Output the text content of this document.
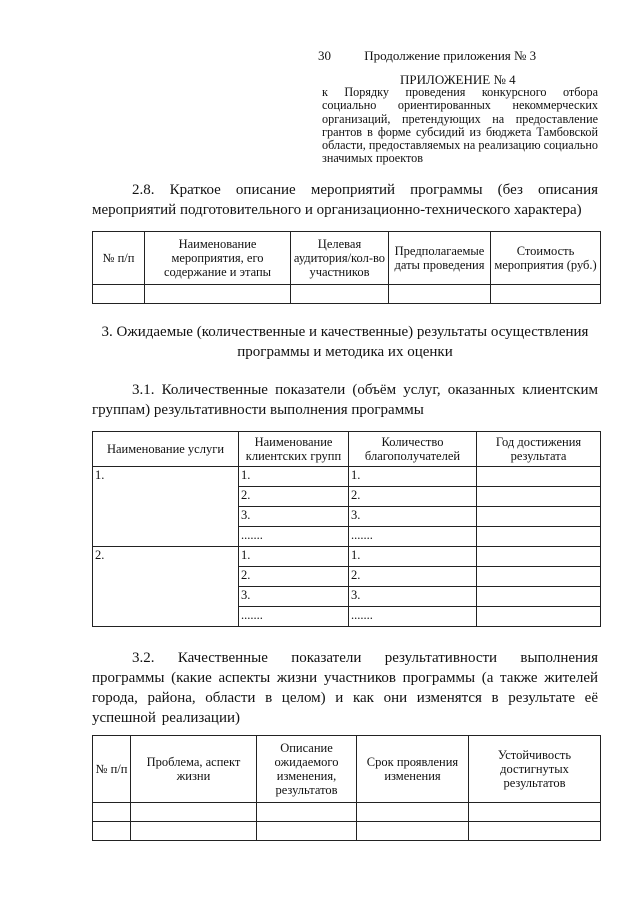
30	Продолжение приложения № 3
ПРИЛОЖЕНИЕ № 4
к Порядку проведения конкурсного отбора социально ориентированных некоммерческих организаций, претендующих на предоставление грантов в форме субсидий из бюджета Тамбовской области, предоставляемых на реализацию социально значимых проектов
2.8. Краткое описание мероприятий программы (без описания мероприятий подготовительного и организационно-технического характера)
№ п/п	Наименование мероприятия, его содержание и этапы	Целевая аудитория/кол-во участников	Предполагаемые даты проведения	Стоимость мероприятия (руб.)

3. Ожидаемые (количественные и качественные) результаты осуществления программы и методика их оценки
3.1. Количественные показатели (объём услуг, оказанных клиентским группам) результативности выполнения программы
Наименование услуги	Наименование клиентских групп	Количество благополучателей	Год достижения результата
1.	1.	1.	
	2.	2.	
	3.	3.	
	.......	.......	
2.	1.	1.	
	2.	2.	
	3.	3.	
	.......	.......	
3.2. Качественные показатели результативности выполнения программы (какие аспекты жизни участников программы (а также жителей города, района, области в целом) и как они изменятся в результате её успешной реализации)
№ п/п	Проблема, аспект жизни	Описание ожидаемого изменения, результатов	Срок проявления изменения	Устойчивость достигнутых результатов
